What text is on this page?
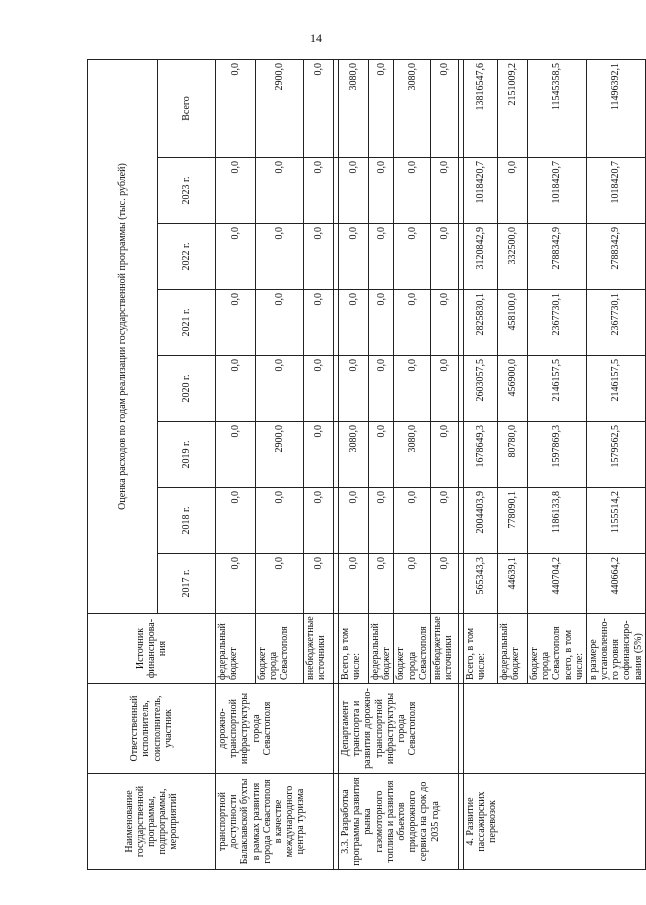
14
Наименование государственной программы, подпрограммы, мероприятий	Ответственный исполнитель, соисполнитель, участник	Источник финансирова-ния	Оценка расходов по годам реализации государственной программы (тыс. рублей)							
			2017 г.	2018 г.	2019 г.	2020 г.	2021 г.	2022 г.	2023 г.	Всего
транспортной доступности Балаклавской бухты в рамках развития города Севастополя в качестве международного центра туризма	дорожно-транспортной инфраструктуры города Севастополя	федеральный бюджет	0,0	0,0	0,0	0,0	0,0	0,0	0,0	0,0
		бюджет города Севастополя	0,0	0,0	2900,0	0,0	0,0	0,0	0,0	2900,0
		внебюджетные источники	0,0	0,0	0,0	0,0	0,0	0,0	0,0	0,0

3.3. Разработка программы развития рынка газомоторного топлива и развития объектов придорожного сервиса на срок до 2035 года	Департамент транспорта и развития дорожно-транспортной инфраструктуры города Севастополя	Всего, в том числе:	0,0	0,0	3080,0	0,0	0,0	0,0	0,0	3080,0
		федеральный бюджет	0,0	0,0	0,0	0,0	0,0	0,0	0,0	0,0
		бюджет города Севастополя	0,0	0,0	3080,0	0,0	0,0	0,0	0,0	3080,0
		внебюджетные источники	0,0	0,0	0,0	0,0	0,0	0,0	0,0	0,0

4. Развитие пассажирских перевозок		Всего, в том числе:	565343,3	2004403,9	1678649,3	2603057,5	2825830,1	3120842,9	1018420,7	13816547,6
		федеральный бюджет	44639,1	778090,1	80780,0	456900,0	458100,0	332500,0	0,0	2151009,2
		бюджет города Севастополя всего, в том числе:	440704,2	1186133,8	1597869,3	2146157,5	2367730,1	2788342,9	1018420,7	11545358,5
		в размере установленно-го уровня софинансиро-вания (5%)	440664,2	1155514,2	1579562,5	2146157,5	2367730,1	2788342,9	1018420,7	11496392,1
